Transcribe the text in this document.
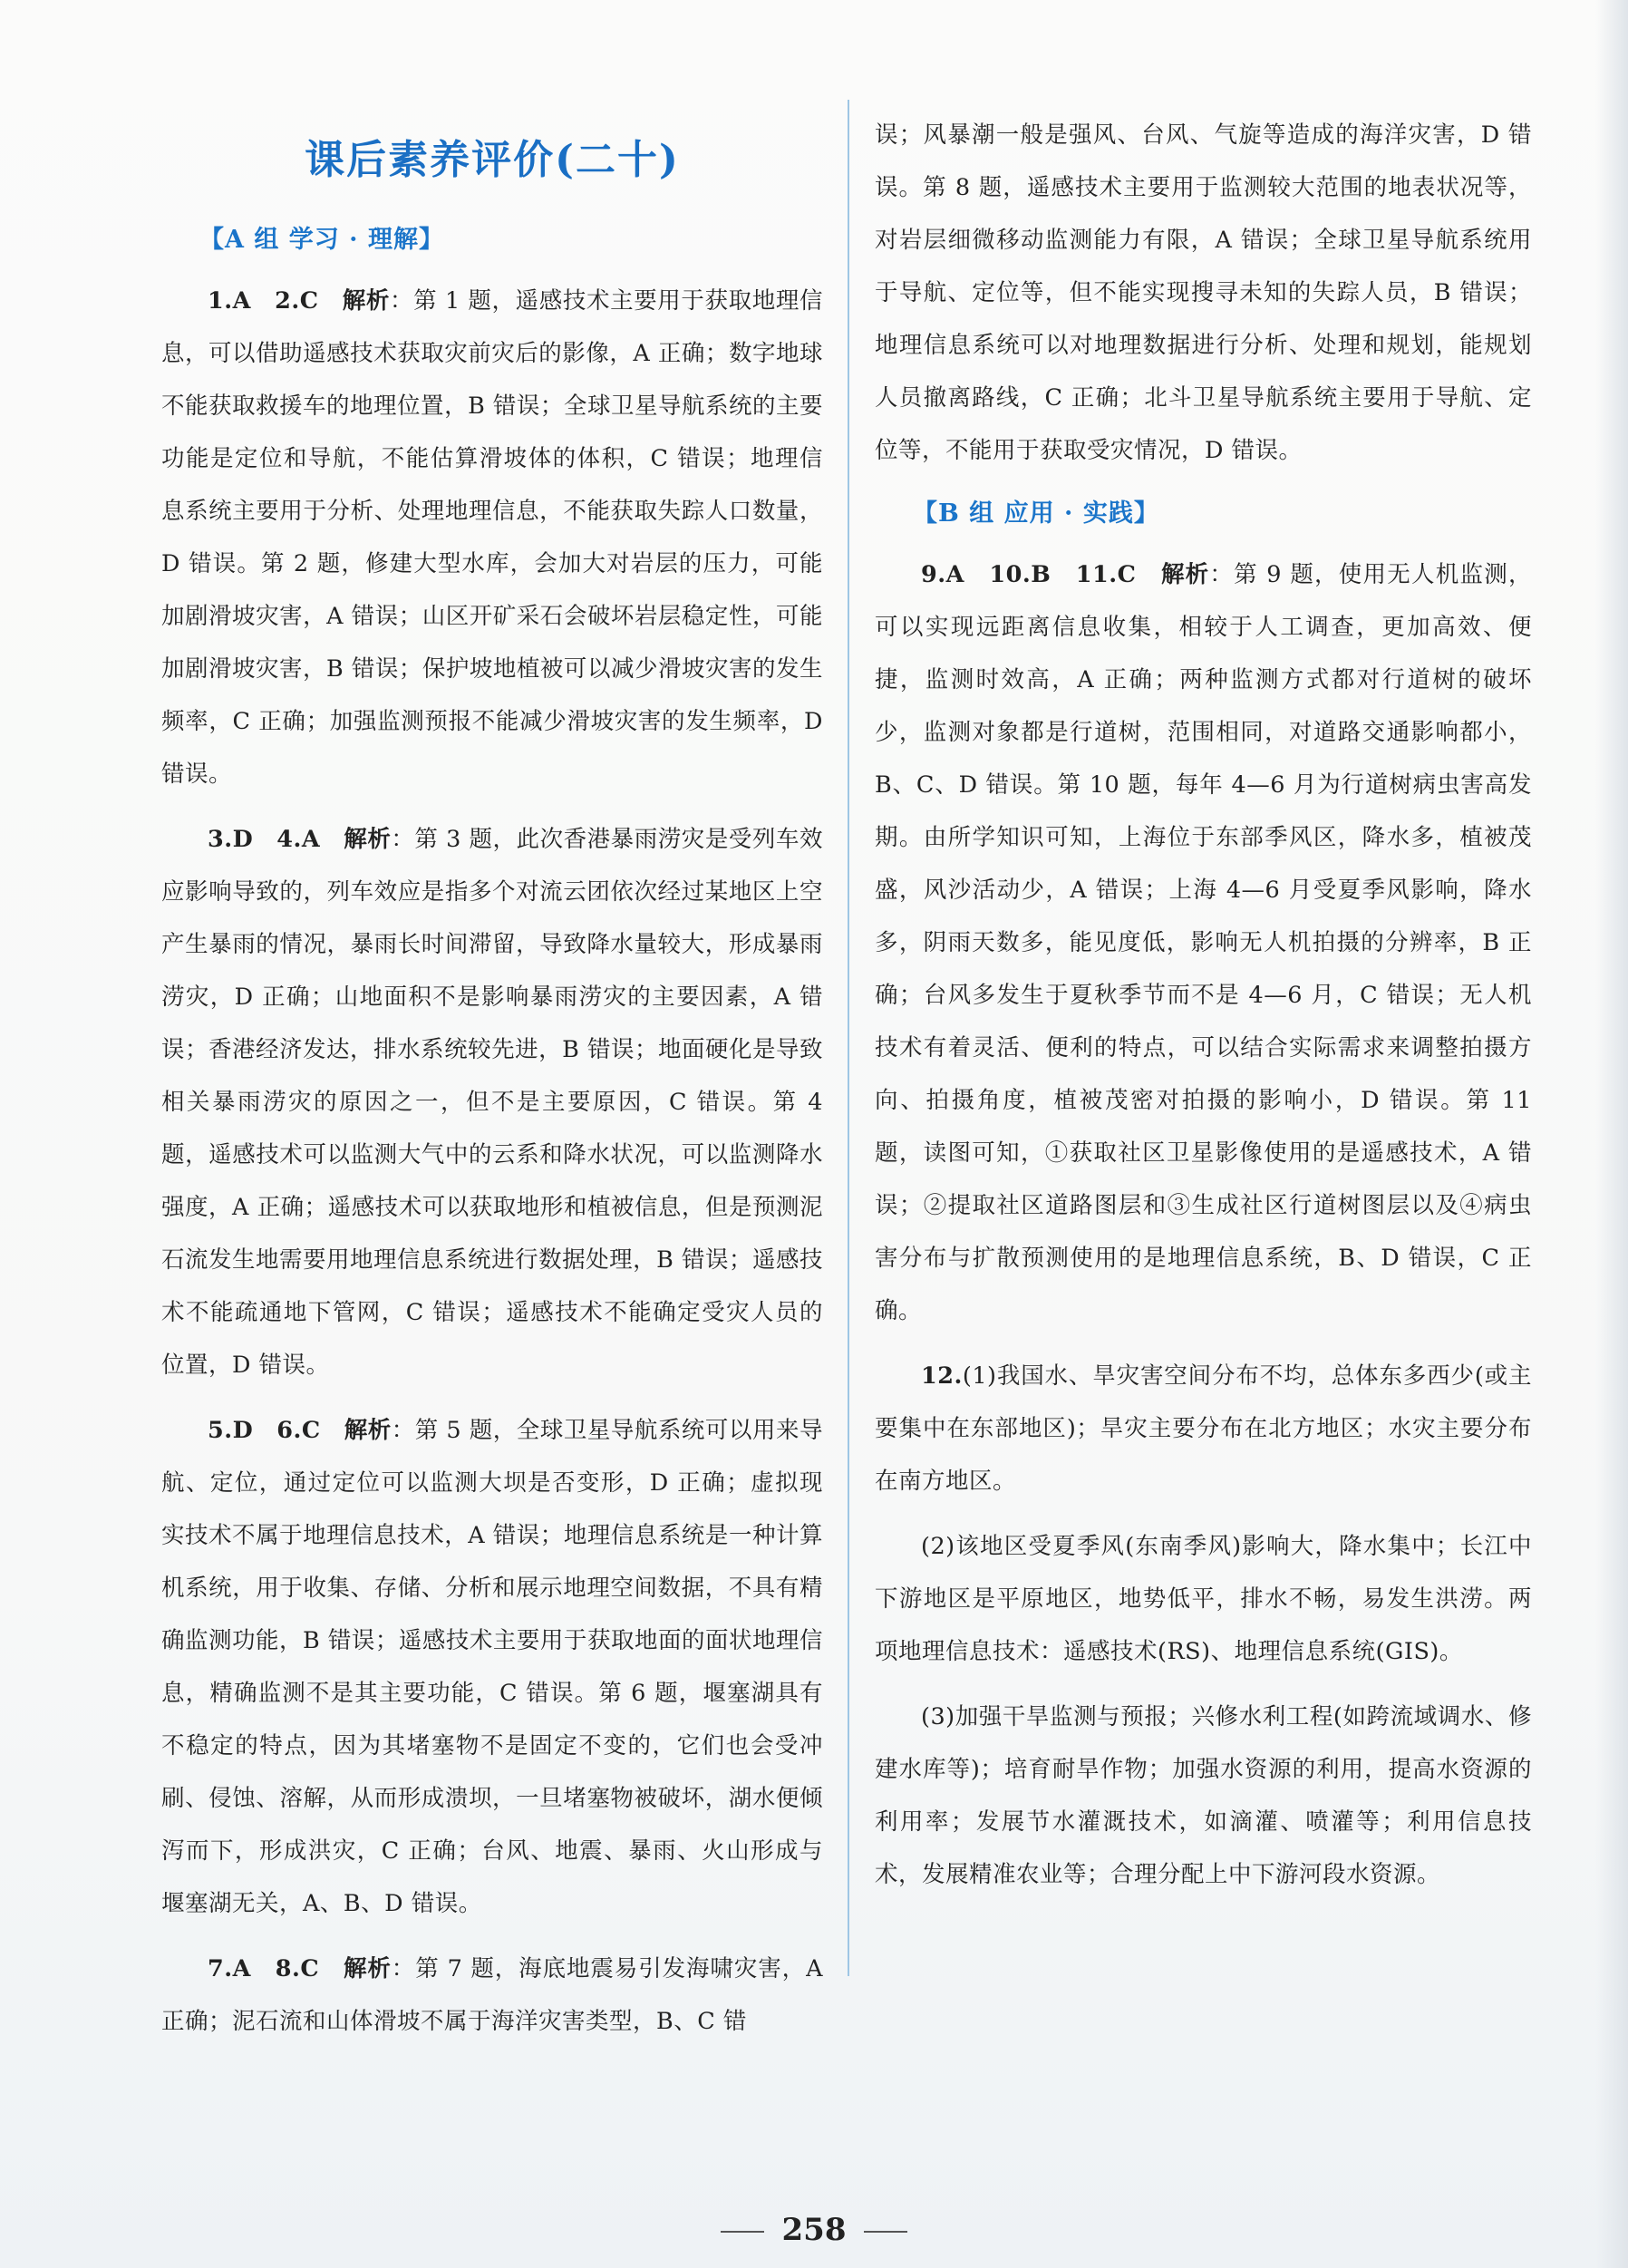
课后素养评价(二十)
【A 组 学习 · 理解】

1.A　2.C　 解析：第 1 题，遥感技术主要用于获取地理信息，可以借助遥感技术获取灾前灾后的影像，A 正确；数字地球不能获取救援车的地理位置，B 错误；全球卫星导航系统的主要功能是定位和导航，不能估算滑坡体的体积，C 错误；地理信息系统主要用于分析、处理地理信息，不能获取失踪人口数量，D 错误。第 2 题，修建大型水库，会加大对岩层的压力，可能加剧滑坡灾害，A 错误；山区开矿采石会破坏岩层稳定性，可能加剧滑坡灾害，B 错误；保护坡地植被可以减少滑坡灾害的发生频率，C 正确；加强监测预报不能减少滑坡灾害的发生频率，D 错误。

3.D　4.A　 解析：第 3 题，此次香港暴雨涝灾是受列车效应影响导致的，列车效应是指多个对流云团依次经过某地区上空产生暴雨的情况，暴雨长时间滞留，导致降水量较大，形成暴雨涝灾，D 正确；山地面积不是影响暴雨涝灾的主要因素，A 错误；香港经济发达，排水系统较先进，B 错误；地面硬化是导致相关暴雨涝灾的原因之一，但不是主要原因，C 错误。第 4 题，遥感技术可以监测大气中的云系和降水状况，可以监测降水强度，A 正确；遥感技术可以获取地形和植被信息，但是预测泥石流发生地需要用地理信息系统进行数据处理，B 错误；遥感技术不能疏通地下管网，C 错误；遥感技术不能确定受灾人员的位置，D 错误。

5.D　6.C　 解析：第 5 题，全球卫星导航系统可以用来导航、定位，通过定位可以监测大坝是否变形，D 正确；虚拟现实技术不属于地理信息技术，A 错误；地理信息系统是一种计算机系统，用于收集、存储、分析和展示地理空间数据，不具有精确监测功能，B 错误；遥感技术主要用于获取地面的面状地理信息，精确监测不是其主要功能，C 错误。第 6 题，堰塞湖具有不稳定的特点，因为其堵塞物不是固定不变的，它们也会受冲刷、侵蚀、溶解，从而形成溃坝，一旦堵塞物被破坏，湖水便倾泻而下，形成洪灾，C 正确；台风、地震、暴雨、火山形成与堰塞湖无关，A、B、D 错误。

7.A　8.C　 解析：第 7 题，海底地震易引发海啸灾害，A 正确；泥石流和山体滑坡不属于海洋灾害类型，B、C 错

误；风暴潮一般是强风、台风、气旋等造成的海洋灾害，D 错误。第 8 题，遥感技术主要用于监测较大范围的地表状况等，对岩层细微移动监测能力有限，A 错误；全球卫星导航系统用于导航、定位等，但不能实现搜寻未知的失踪人员，B 错误；地理信息系统可以对地理数据进行分析、处理和规划，能规划人员撤离路线，C 正确；北斗卫星导航系统主要用于导航、定位等，不能用于获取受灾情况，D 错误。

【B 组 应用 · 实践】

9.A　10.B　11.C　 解析：第 9 题，使用无人机监测，可以实现远距离信息收集，相较于人工调查，更加高效、便捷，监测时效高，A 正确；两种监测方式都对行道树的破坏少，监测对象都是行道树，范围相同，对道路交通影响都小，B、C、D 错误。第 10 题，每年 4—6 月为行道树病虫害高发期。由所学知识可知，上海位于东部季风区，降水多，植被茂盛，风沙活动少，A 错误；上海 4—6 月受夏季风影响，降水多，阴雨天数多，能见度低，影响无人机拍摄的分辨率，B 正确；台风多发生于夏秋季节而不是 4—6 月，C 错误；无人机技术有着灵活、便利的特点，可以结合实际需求来调整拍摄方向、拍摄角度，植被茂密对拍摄的影响小，D 错误。第 11 题，读图可知，①获取社区卫星影像使用的是遥感技术，A 错误；②提取社区道路图层和③生成社区行道树图层以及④病虫害分布与扩散预测使用的是地理信息系统，B、D 错误，C 正确。

12.(1)我国水、旱灾害空间分布不均，总体东多西少(或主要集中在东部地区)；旱灾主要分布在北方地区；水灾主要分布在南方地区。

(2)该地区受夏季风(东南季风)影响大，降水集中；长江中下游地区是平原地区，地势低平，排水不畅，易发生洪涝。两项地理信息技术：遥感技术(RS)、地理信息系统(GIS)。

(3)加强干旱监测与预报；兴修水利工程(如跨流域调水、修建水库等)；培育耐旱作物；加强水资源的利用，提高水资源的利用率；发展节水灌溉技术，如滴灌、喷灌等；利用信息技术，发展精准农业等；合理分配上中下游河段水资源。

258
